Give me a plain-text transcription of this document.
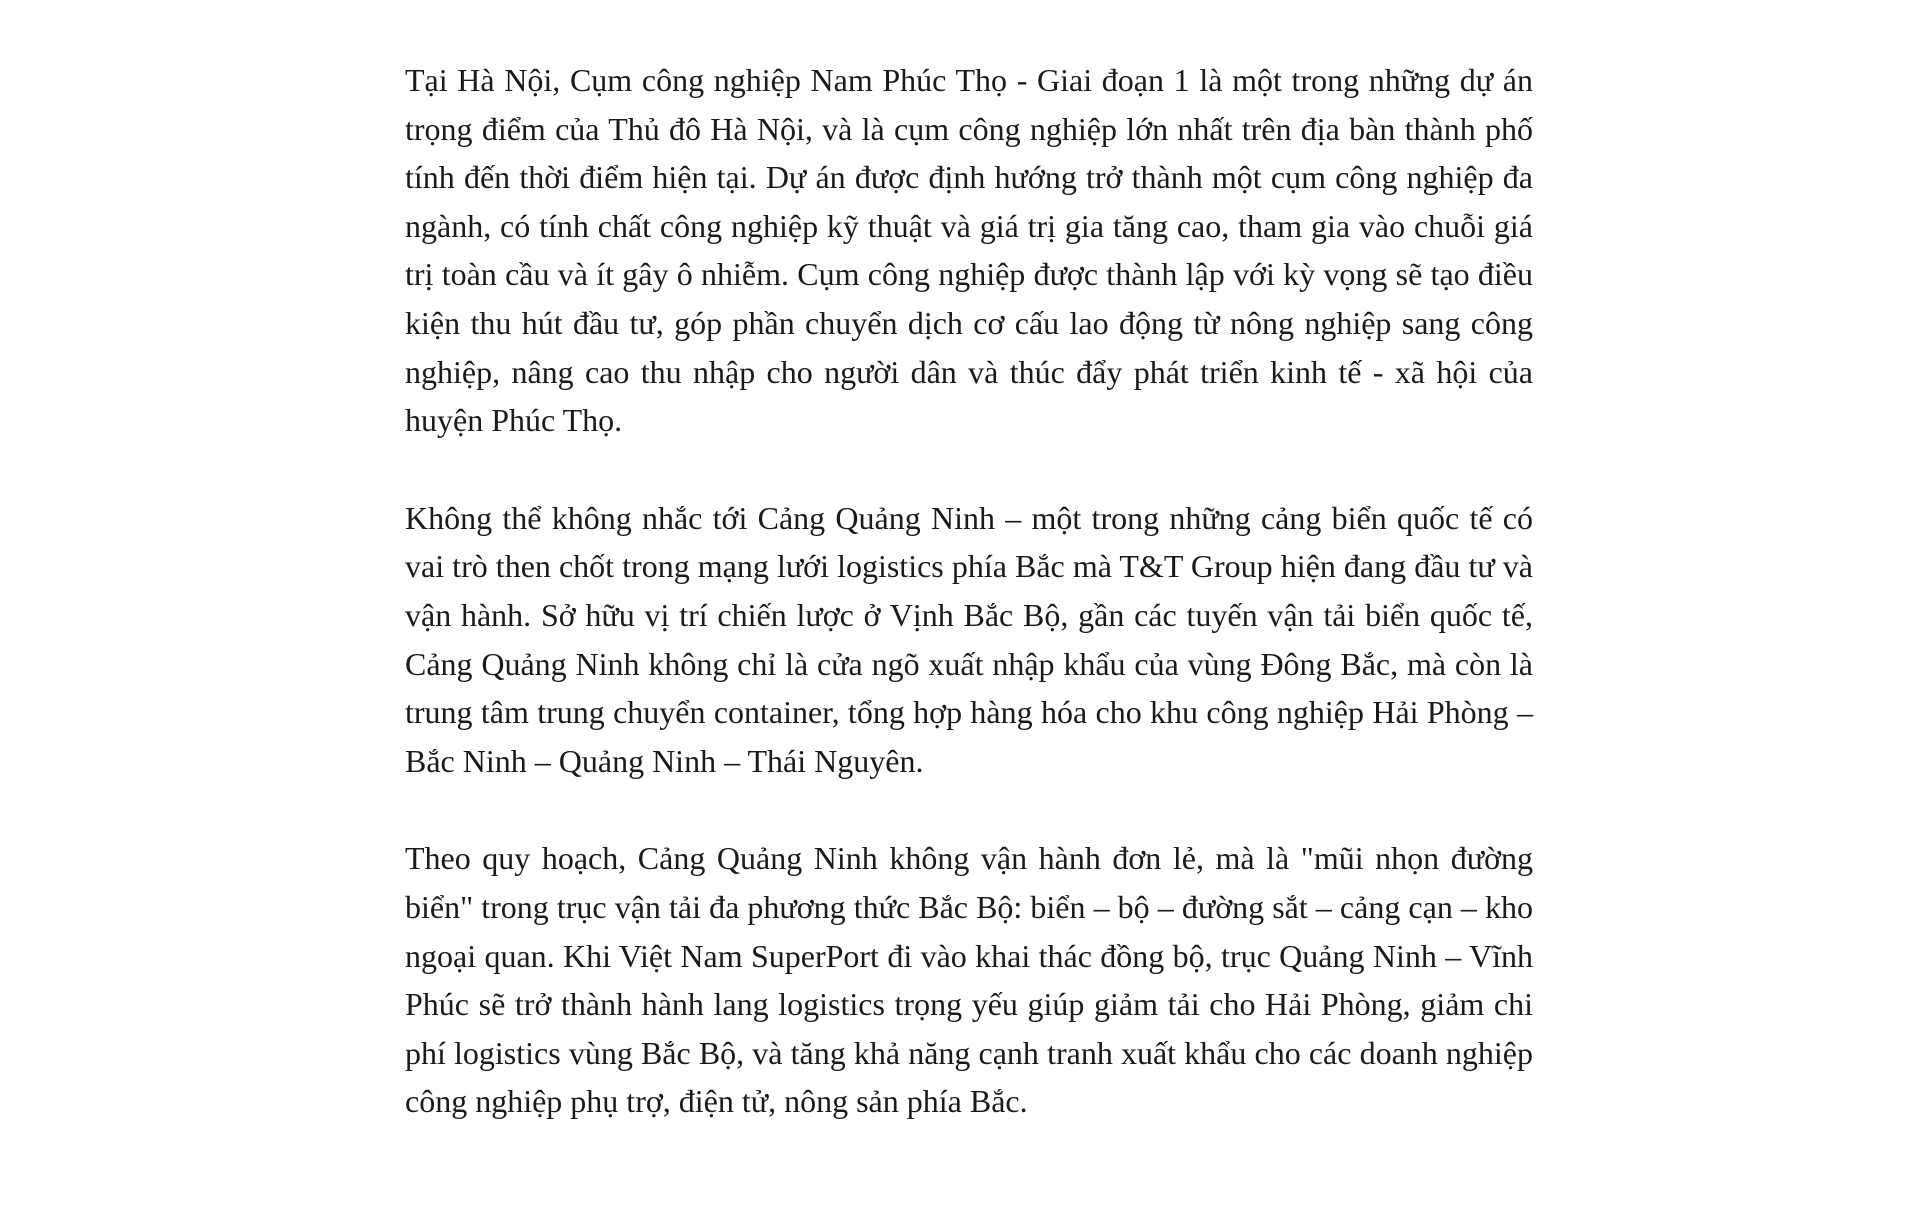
Tại Hà Nội, Cụm công nghiệp Nam Phúc Thọ - Giai đoạn 1 là một trong những dự án trọng điểm của Thủ đô Hà Nội, và là cụm công nghiệp lớn nhất trên địa bàn thành phố tính đến thời điểm hiện tại. Dự án được định hướng trở thành một cụm công nghiệp đa ngành, có tính chất công nghiệp kỹ thuật và giá trị gia tăng cao, tham gia vào chuỗi giá trị toàn cầu và ít gây ô nhiễm. Cụm công nghiệp được thành lập với kỳ vọng sẽ tạo điều kiện thu hút đầu tư, góp phần chuyển dịch cơ cấu lao động từ nông nghiệp sang công nghiệp, nâng cao thu nhập cho người dân và thúc đẩy phát triển kinh tế - xã hội của huyện Phúc Thọ.

Không thể không nhắc tới Cảng Quảng Ninh – một trong những cảng biển quốc tế có vai trò then chốt trong mạng lưới logistics phía Bắc mà T&T Group hiện đang đầu tư và vận hành. Sở hữu vị trí chiến lược ở Vịnh Bắc Bộ, gần các tuyến vận tải biển quốc tế, Cảng Quảng Ninh không chỉ là cửa ngõ xuất nhập khẩu của vùng Đông Bắc, mà còn là trung tâm trung chuyển container, tổng hợp hàng hóa cho khu công nghiệp Hải Phòng – Bắc Ninh – Quảng Ninh – Thái Nguyên.

Theo quy hoạch, Cảng Quảng Ninh không vận hành đơn lẻ, mà là "mũi nhọn đường biển" trong trục vận tải đa phương thức Bắc Bộ: biển – bộ – đường sắt – cảng cạn – kho ngoại quan. Khi Việt Nam SuperPort đi vào khai thác đồng bộ, trục Quảng Ninh – Vĩnh Phúc sẽ trở thành hành lang logistics trọng yếu giúp giảm tải cho Hải Phòng, giảm chi phí logistics vùng Bắc Bộ, và tăng khả năng cạnh tranh xuất khẩu cho các doanh nghiệp công nghiệp phụ trợ, điện tử, nông sản phía Bắc.
